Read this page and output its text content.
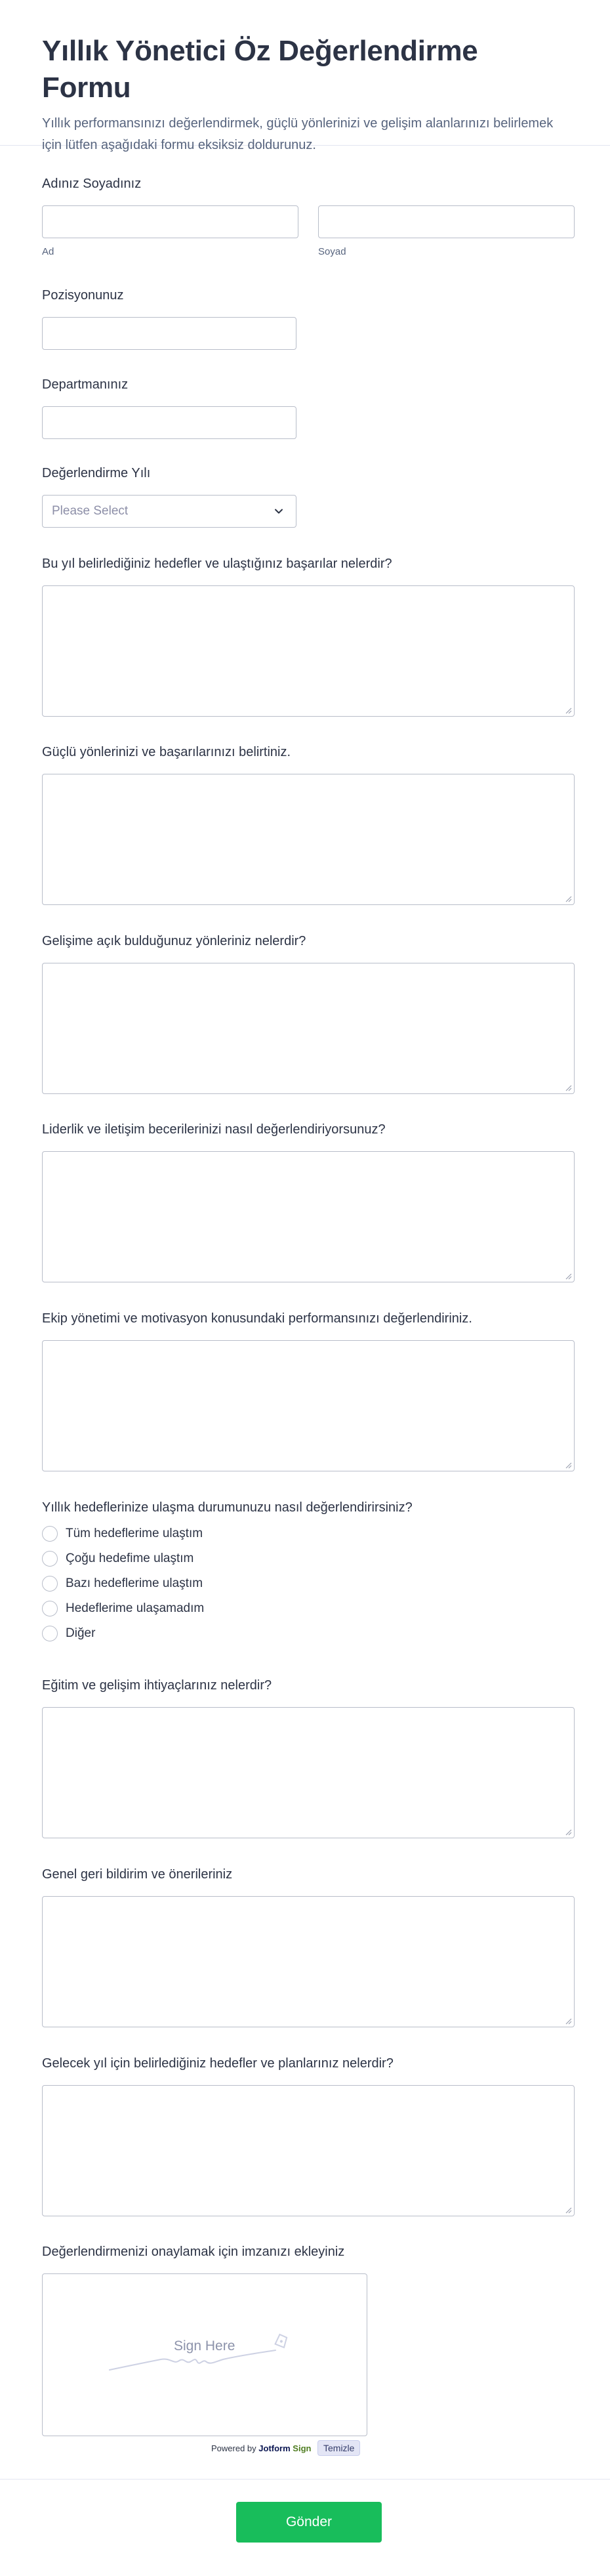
Yıllık Yönetici Öz Değerlendirme Formu

Yıllık performansınızı değerlendirmek, güçlü yönlerinizi ve gelişim alanlarınızı belirlemek için lütfen aşağıdaki formu eksiksiz doldurunuz.

Adınız Soyadınız
Ad	Soyad
Pozisyonunuz
Departmanınız
Değerlendirme Yılı
Please Select
Bu yıl belirlediğiniz hedefler ve ulaştığınız başarılar nelerdir?
Güçlü yönlerinizi ve başarılarınızı belirtiniz.
Gelişime açık bulduğunuz yönleriniz nelerdir?
Liderlik ve iletişim becerilerinizi nasıl değerlendiriyorsunuz?
Ekip yönetimi ve motivasyon konusundaki performansınızı değerlendiriniz.
Yıllık hedeflerinize ulaşma durumunuzu nasıl değerlendirirsiniz?
Tüm hedeflerime ulaştım
Çoğu hedefime ulaştım
Bazı hedeflerime ulaştım
Hedeflerime ulaşamadım
Diğer
Eğitim ve gelişim ihtiyaçlarınız nelerdir?
Genel geri bildirim ve önerileriniz
Gelecek yıl için belirlediğiniz hedefler ve planlarınız nelerdir?
Değerlendirmenizi onaylamak için imzanızı ekleyiniz
Sign Here
Powered by Jotform Sign	Temizle
Gönder
